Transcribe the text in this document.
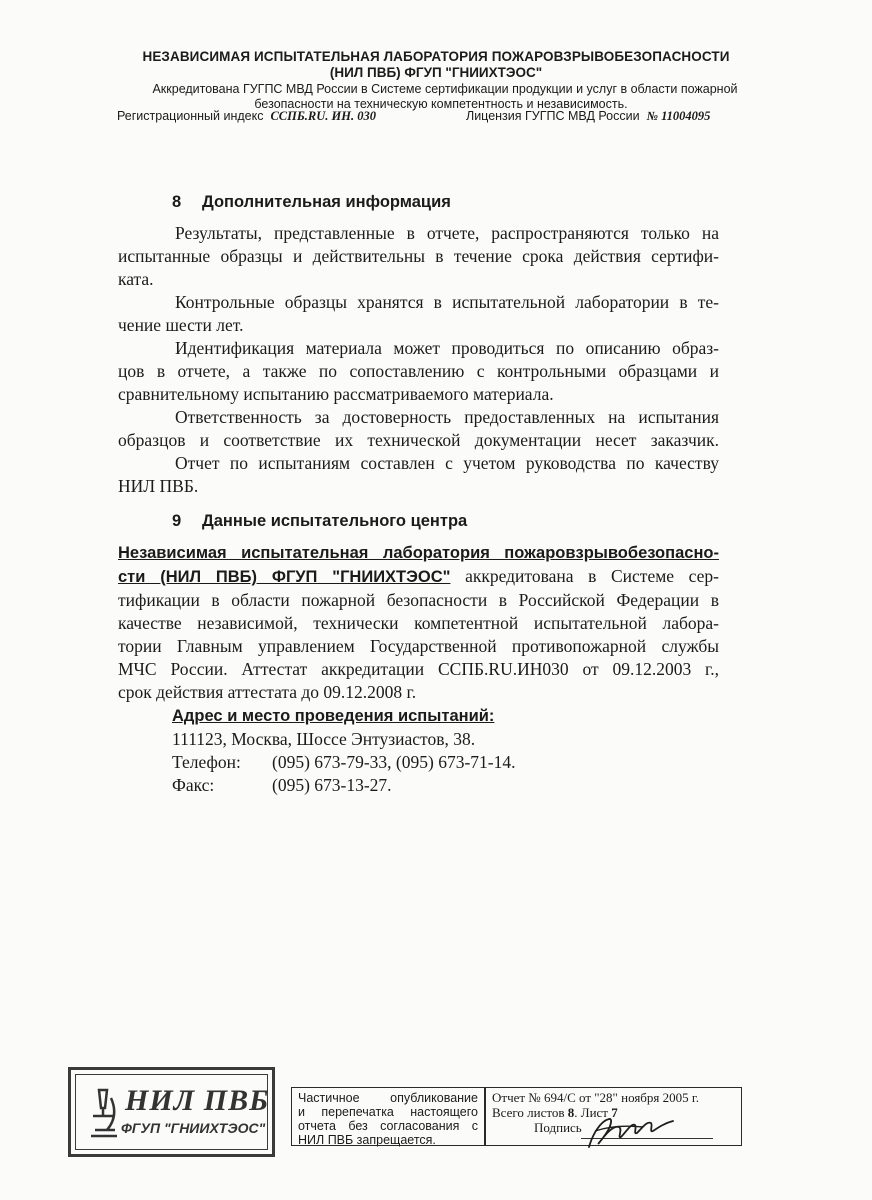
НЕЗАВИСИМАЯ ИСПЫТАТЕЛЬНАЯ ЛАБОРАТОРИЯ ПОЖАРОВЗРЫВОБЕЗОПАСНОСТИ
(НИЛ ПВБ) ФГУП "ГНИИХТЭОС"
Аккредитована ГУГПС МВД России в Системе сертификации продукции и услуг в области пожарной
безопасности на техническую компетентность и независимость.
Регистрационный индекс ССПБ.RU. ИН. 030	Лицензия ГУГПС МВД России № 11004095
8 Дополнительная информация
Результаты, представленные в отчете, распространяются только на
испытанные образцы и действительны в течение срока действия сертифи-
ката.
Контрольные образцы хранятся в испытательной лаборатории в те-
чение шести лет.
Идентификация материала может проводиться по описанию образ-
цов в отчете, а также по сопоставлению с контрольными образцами и
сравнительному испытанию рассматриваемого материала.
Ответственность за достоверность предоставленных на испытания
образцов и соответствие их технической документации несет заказчик.
Отчет по испытаниям составлен с учетом руководства по качеству
НИЛ ПВБ.
9 Данные испытательного центра
Независимая испытательная лаборатория пожаровзрывобезопасно-
сти (НИЛ ПВБ) ФГУП "ГНИИХТЭОС" аккредитована в Системе сер-
тификации в области пожарной безопасности в Российской Федерации в
качестве независимой, технически компетентной испытательной лабора-
тории Главным управлением Государственной противопожарной службы
МЧС России. Аттестат аккредитации ССПБ.RU.ИН030 от 09.12.2003 г.,
срок действия аттестата до 09.12.2008 г.
Адрес и место проведения испытаний:
111123, Москва, Шоссе Энтузиастов, 38.
Телефон: (095) 673-79-33, (095) 673-71-14.
Факс:	(095) 673-13-27.
НИЛ ПВБ
ФГУП "ГНИИХТЭОС"
Частичное опубликование
и перепечатка настоящего
отчета без согласования с
НИЛ ПВБ запрещается.
Отчет № 694/С от "28" ноября 2005 г.
Всего листов 8. Лист 7
Подпись
